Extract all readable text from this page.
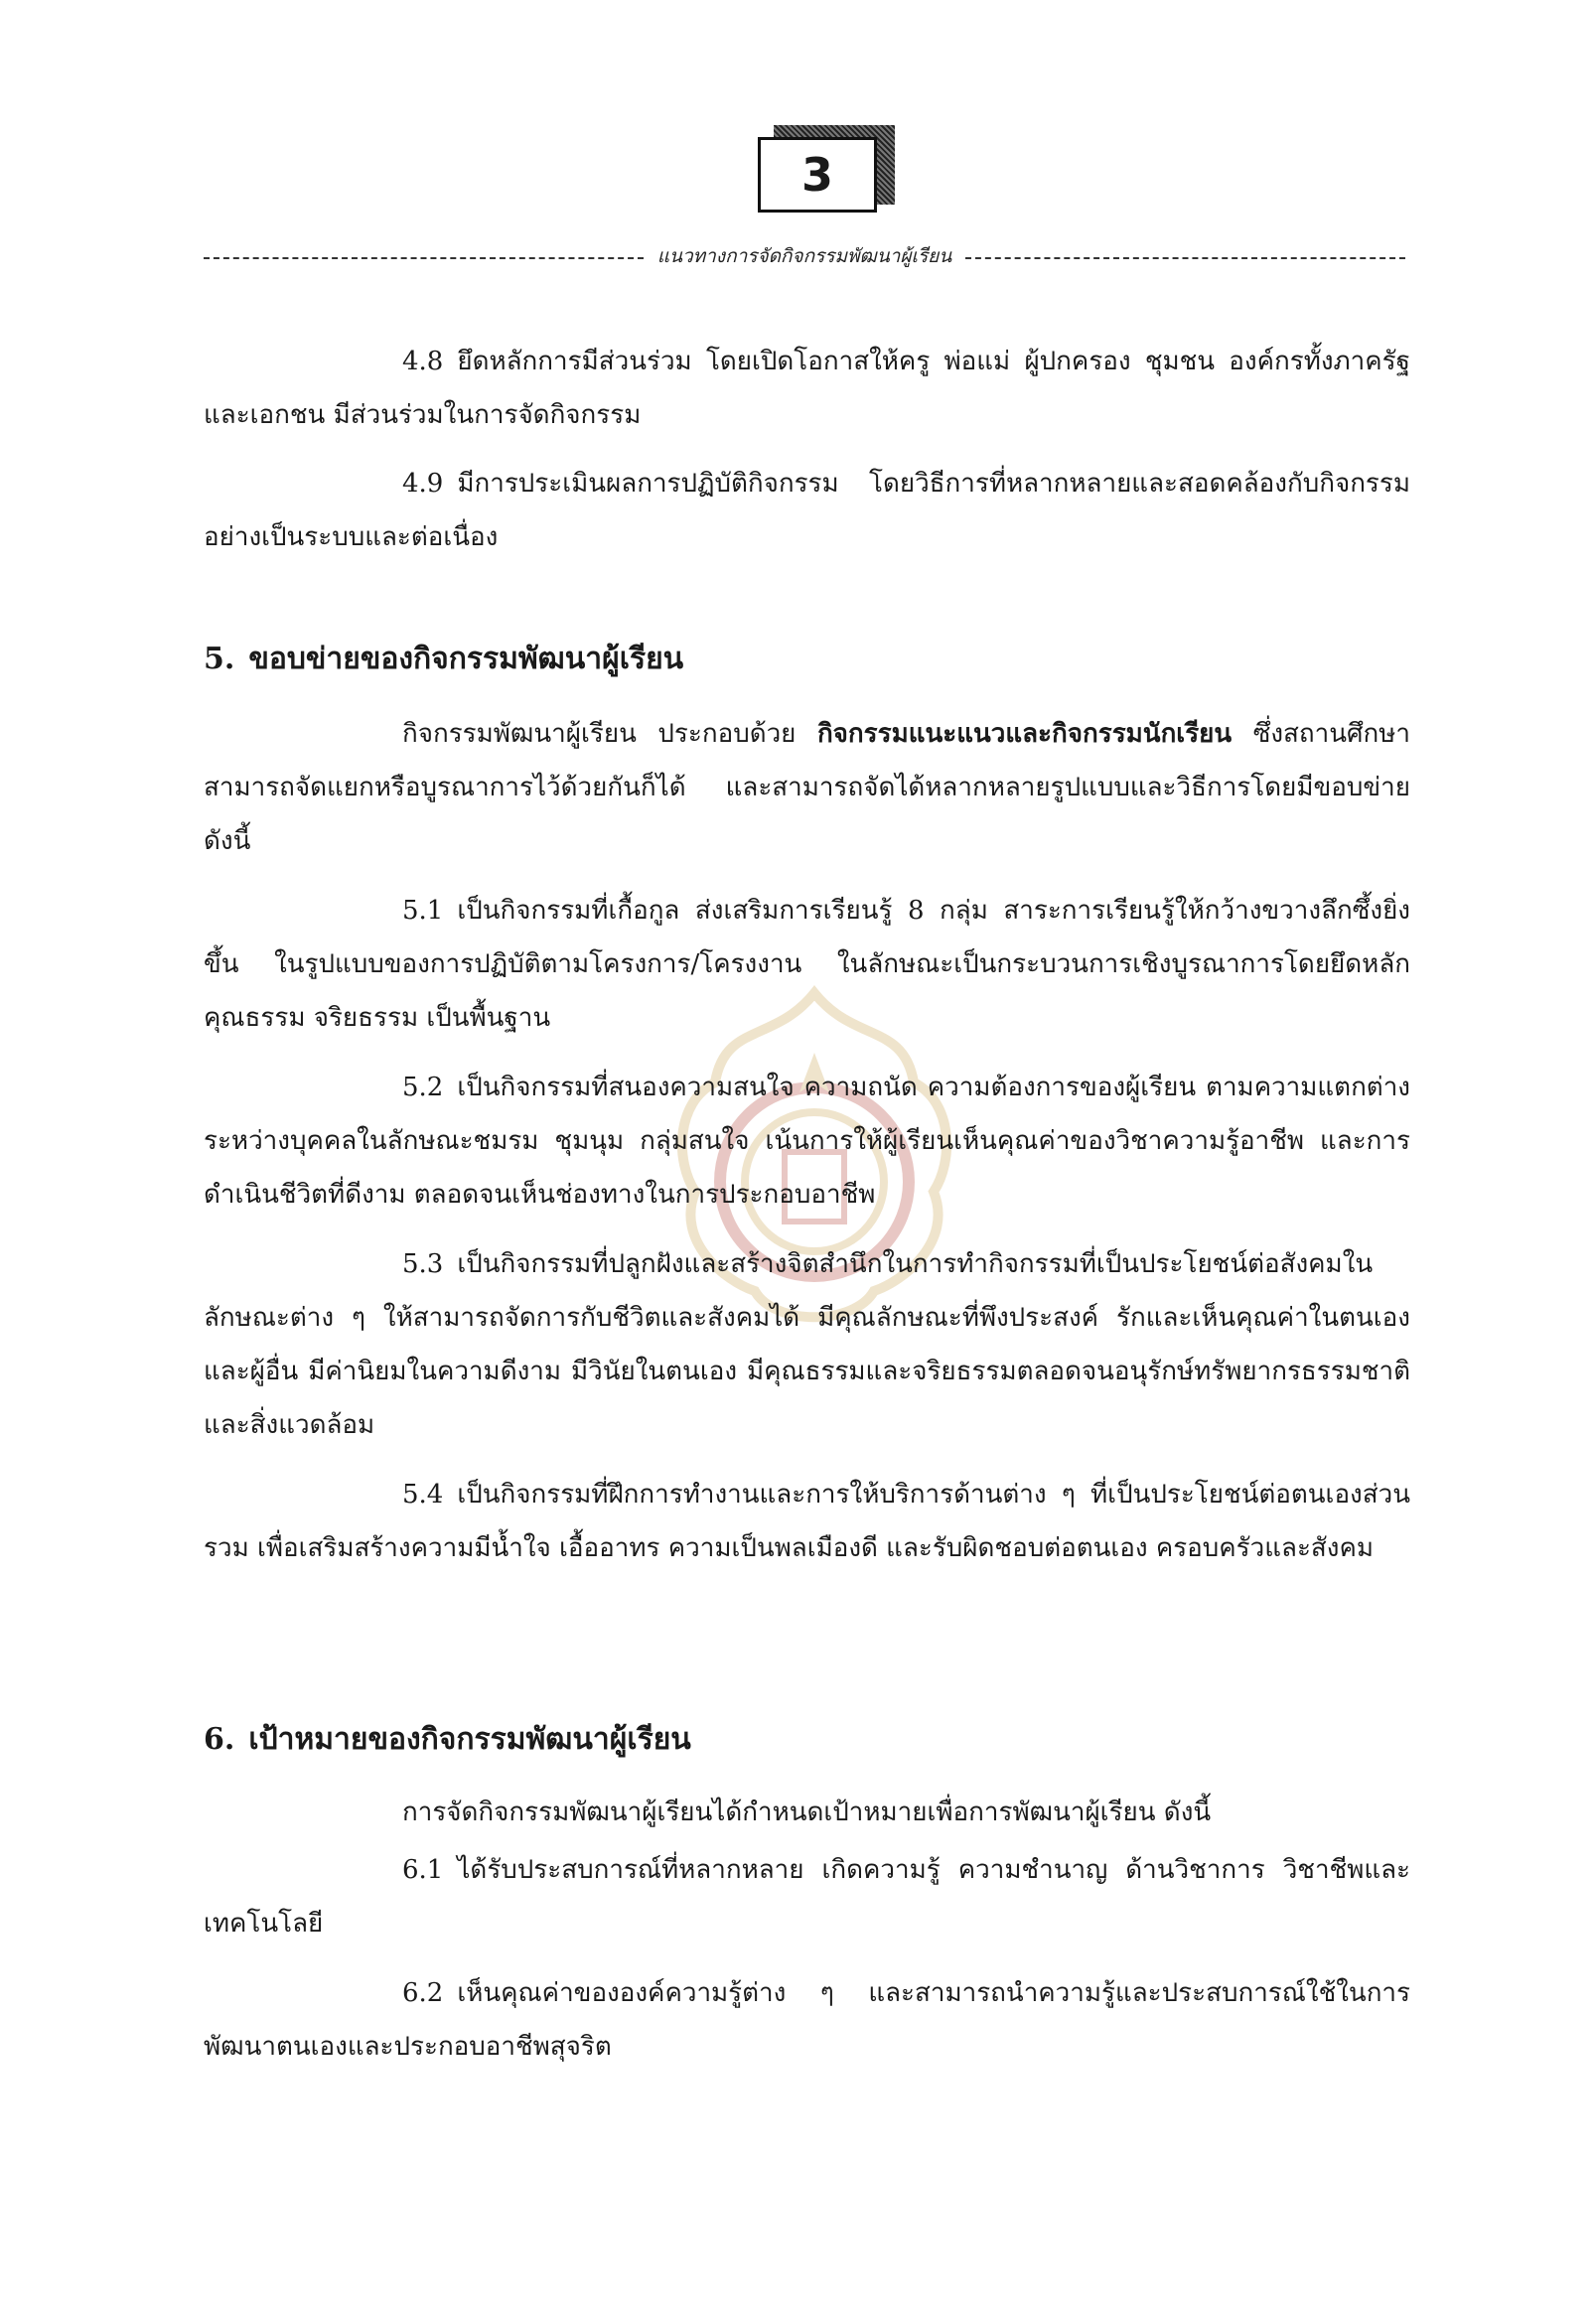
3
แนวทางการจัดกิจกรรมพัฒนาผู้เรียน

4.8 ยึดหลักการมีส่วนร่วม โดยเปิดโอกาสให้ครู พ่อแม่ ผู้ปกครอง ชุมชน องค์กรทั้งภาครัฐและเอกชน มีส่วนร่วมในการจัดกิจกรรม

4.9 มีการประเมินผลการปฏิบัติกิจกรรม โดยวิธีการที่หลากหลายและสอดคล้องกับกิจกรรมอย่างเป็นระบบและต่อเนื่อง

5. ขอบข่ายของกิจกรรมพัฒนาผู้เรียน

กิจกรรมพัฒนาผู้เรียน ประกอบด้วย กิจกรรมแนะแนวและกิจกรรมนักเรียน ซึ่งสถานศึกษาสามารถจัดแยกหรือบูรณาการไว้ด้วยกันก็ได้ และสามารถจัดได้หลากหลายรูปแบบและวิธีการโดยมีขอบข่ายดังนี้

5.1 เป็นกิจกรรมที่เกื้อกูล ส่งเสริมการเรียนรู้ 8 กลุ่ม สาระการเรียนรู้ให้กว้างขวางลึกซึ้งยิ่งขึ้น ในรูปแบบของการปฏิบัติตามโครงการ/โครงงาน ในลักษณะเป็นกระบวนการเชิงบูรณาการโดยยึดหลักคุณธรรม จริยธรรม เป็นพื้นฐาน

5.2 เป็นกิจกรรมที่สนองความสนใจ ความถนัด ความต้องการของผู้เรียน ตามความแตกต่างระหว่างบุคคลในลักษณะชมรม ชุมนุม กลุ่มสนใจ เน้นการให้ผู้เรียนเห็นคุณค่าของวิชาความรู้อาชีพ และการดำเนินชีวิตที่ดีงาม ตลอดจนเห็นช่องทางในการประกอบอาชีพ

5.3 เป็นกิจกรรมที่ปลูกฝังและสร้างจิตสำนึกในการทำกิจกรรมที่เป็นประโยชน์ต่อสังคมในลักษณะต่าง ๆ ให้สามารถจัดการกับชีวิตและสังคมได้ มีคุณลักษณะที่พึงประสงค์ รักและเห็นคุณค่าในตนเองและผู้อื่น มีค่านิยมในความดีงาม มีวินัยในตนเอง มีคุณธรรมและจริยธรรมตลอดจนอนุรักษ์ทรัพยากรธรรมชาติและสิ่งแวดล้อม

5.4 เป็นกิจกรรมที่ฝึกการทำงานและการให้บริการด้านต่าง ๆ ที่เป็นประโยชน์ต่อตนเองส่วนรวม เพื่อเสริมสร้างความมีน้ำใจ เอื้ออาทร ความเป็นพลเมืองดี และรับผิดชอบต่อตนเอง ครอบครัวและสังคม

6. เป้าหมายของกิจกรรมพัฒนาผู้เรียน

การจัดกิจกรรมพัฒนาผู้เรียนได้กำหนดเป้าหมายเพื่อการพัฒนาผู้เรียน ดังนี้

6.1 ได้รับประสบการณ์ที่หลากหลาย เกิดความรู้ ความชำนาญ ด้านวิชาการ วิชาชีพและเทคโนโลยี

6.2 เห็นคุณค่าขององค์ความรู้ต่าง ๆ และสามารถนำความรู้และประสบการณ์ใช้ในการพัฒนาตนเองและประกอบอาชีพสุจริต
